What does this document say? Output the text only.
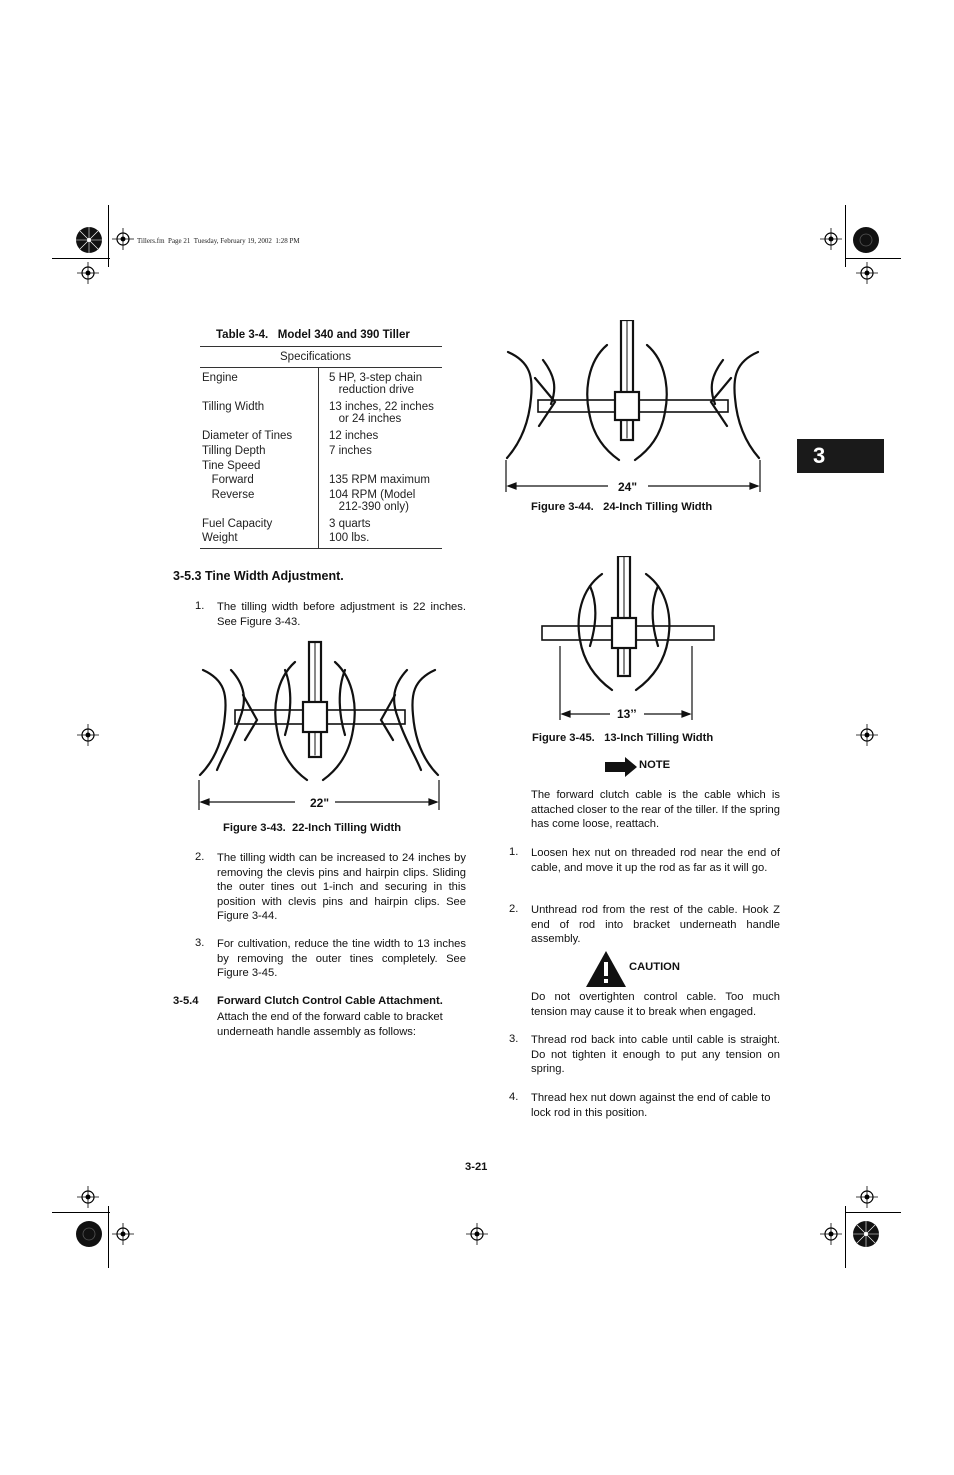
Tillers.fm  Page 21  Tuesday, February 19, 2002  1:28 PM
3
Table 3-4.   Model 340 and 390 Tiller
Specifications
Engine	5 HP, 3-step chain
reduction drive
Tilling Width	13 inches, 22 inches
or 24 inches
Diameter of Tines	12 inches
Tilling Depth	7 inches
Tine Speed
Forward	135 RPM maximum
Reverse	104 RPM (Model
212-390 only)
Fuel Capacity	3 quarts
Weight	100 lbs.
3-5.3 Tine Width Adjustment.
1. The tilling width before adjustment is 22 inches. See Figure 3-43.
22"
Figure 3-43.  22-Inch Tilling Width
2. The tilling width can be increased to 24 inches by removing the clevis pins and hairpin clips. Sliding the outer tines out 1-inch and securing in this position with clevis pins and hairpin clips. See Figure 3-44.
3. For cultivation, reduce the tine width to 13 inches by removing the outer tines completely. See Figure 3-45.
3-5.4 Forward Clutch Control Cable Attachment.
Attach the end of the forward cable to bracket underneath handle assembly as follows:
24"
Figure 3-44.   24-Inch Tilling Width
13’’
Figure 3-45.   13-Inch Tilling Width
NOTE
The forward clutch cable is the cable which is attached closer to the rear of the tiller. If the spring has come loose, reattach.
1. Loosen hex nut on threaded rod near the end of cable, and move it up the rod as far as it will go.
2. Unthread rod from the rest of the cable. Hook Z end of rod into bracket underneath handle assembly.
CAUTION
Do not overtighten control cable. Too much tension may cause it to break when engaged.
3. Thread rod back into cable until cable is straight. Do not tighten it enough to put any tension on spring.
4. Thread hex nut down against the end of cable to lock rod in this position.
3-21
